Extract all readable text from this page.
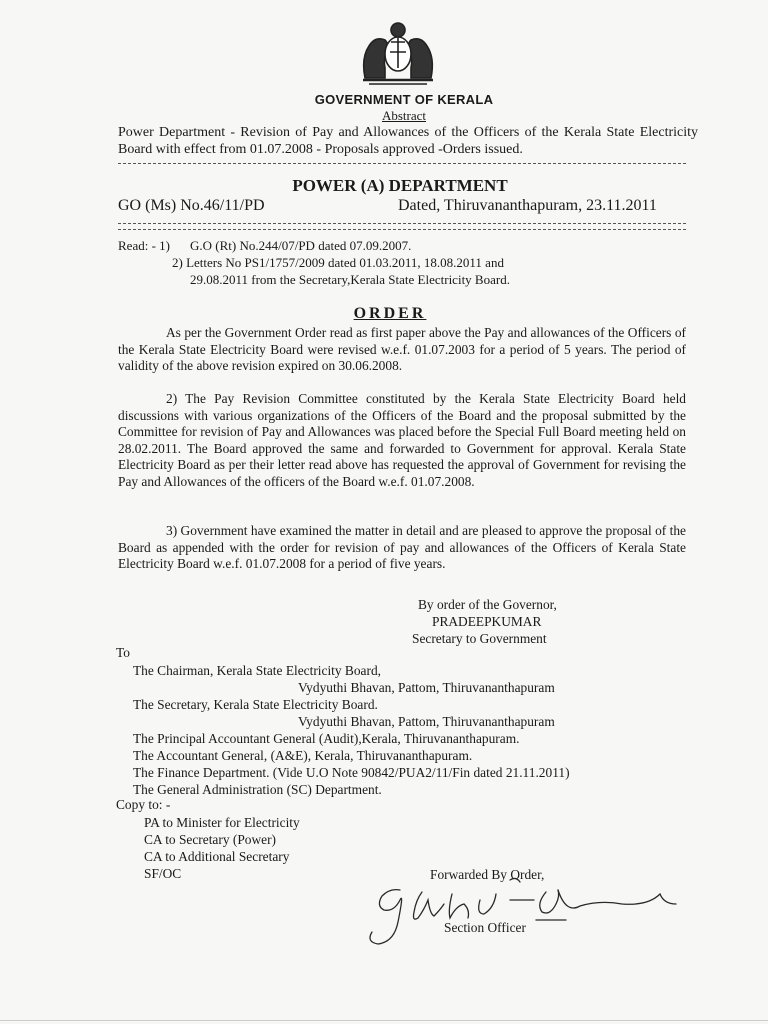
GOVERNMENT OF KERALA
Abstract
Power Department - Revision of Pay and Allowances of the Officers of the Kerala State Electricity Board with effect from 01.07.2008 - Proposals approved -Orders issued.
POWER (A) DEPARTMENT
GO (Ms) No.46/11/PD	Dated, Thiruvananthapuram, 23.11.2011
Read: - 1) G.O (Rt) No.244/07/PD dated 07.09.2007.
2) Letters No PS1/1757/2009 dated 01.03.2011, 18.08.2011 and
29.08.2011 from the Secretary,Kerala State Electricity Board.
ORDER
As per the Government Order read as first paper above the Pay and allowances of the Officers of the Kerala State Electricity Board were revised w.e.f. 01.07.2003 for a period of 5 years. The period of validity of the above revision expired on 30.06.2008.
2) The Pay Revision Committee constituted by the Kerala State Electricity Board held discussions with various organizations of the Officers of the Board and the proposal submitted by the Committee for revision of Pay and Allowances was placed before the Special Full Board meeting held on 28.02.2011. The Board approved the same and forwarded to Government for approval. Kerala State Electricity Board as per their letter read above has requested the approval of Government for revising the Pay and Allowances of the officers of the Board w.e.f. 01.07.2008.
3) Government have examined the matter in detail and are pleased to approve the proposal of the Board as appended with the order for revision of pay and allowances of the Officers of Kerala State Electricity Board w.e.f. 01.07.2008 for a period of five years.
By order of the Governor,
PRADEEPKUMAR
Secretary to Government
To
The Chairman, Kerala State Electricity Board,
Vydyuthi Bhavan, Pattom, Thiruvananthapuram
The Secretary, Kerala State Electricity Board.
Vydyuthi Bhavan, Pattom, Thiruvananthapuram
The Principal Accountant General (Audit),Kerala, Thiruvananthapuram.
The Accountant General, (A&E), Kerala, Thiruvananthapuram.
The Finance Department. (Vide U.O Note 90842/PUA2/11/Fin dated 21.11.2011)
The General Administration (SC) Department.
Copy to: -
PA to Minister for Electricity
CA to Secretary (Power)
CA to Additional Secretary
SF/OC	Forwarded By Order,
Section Officer
